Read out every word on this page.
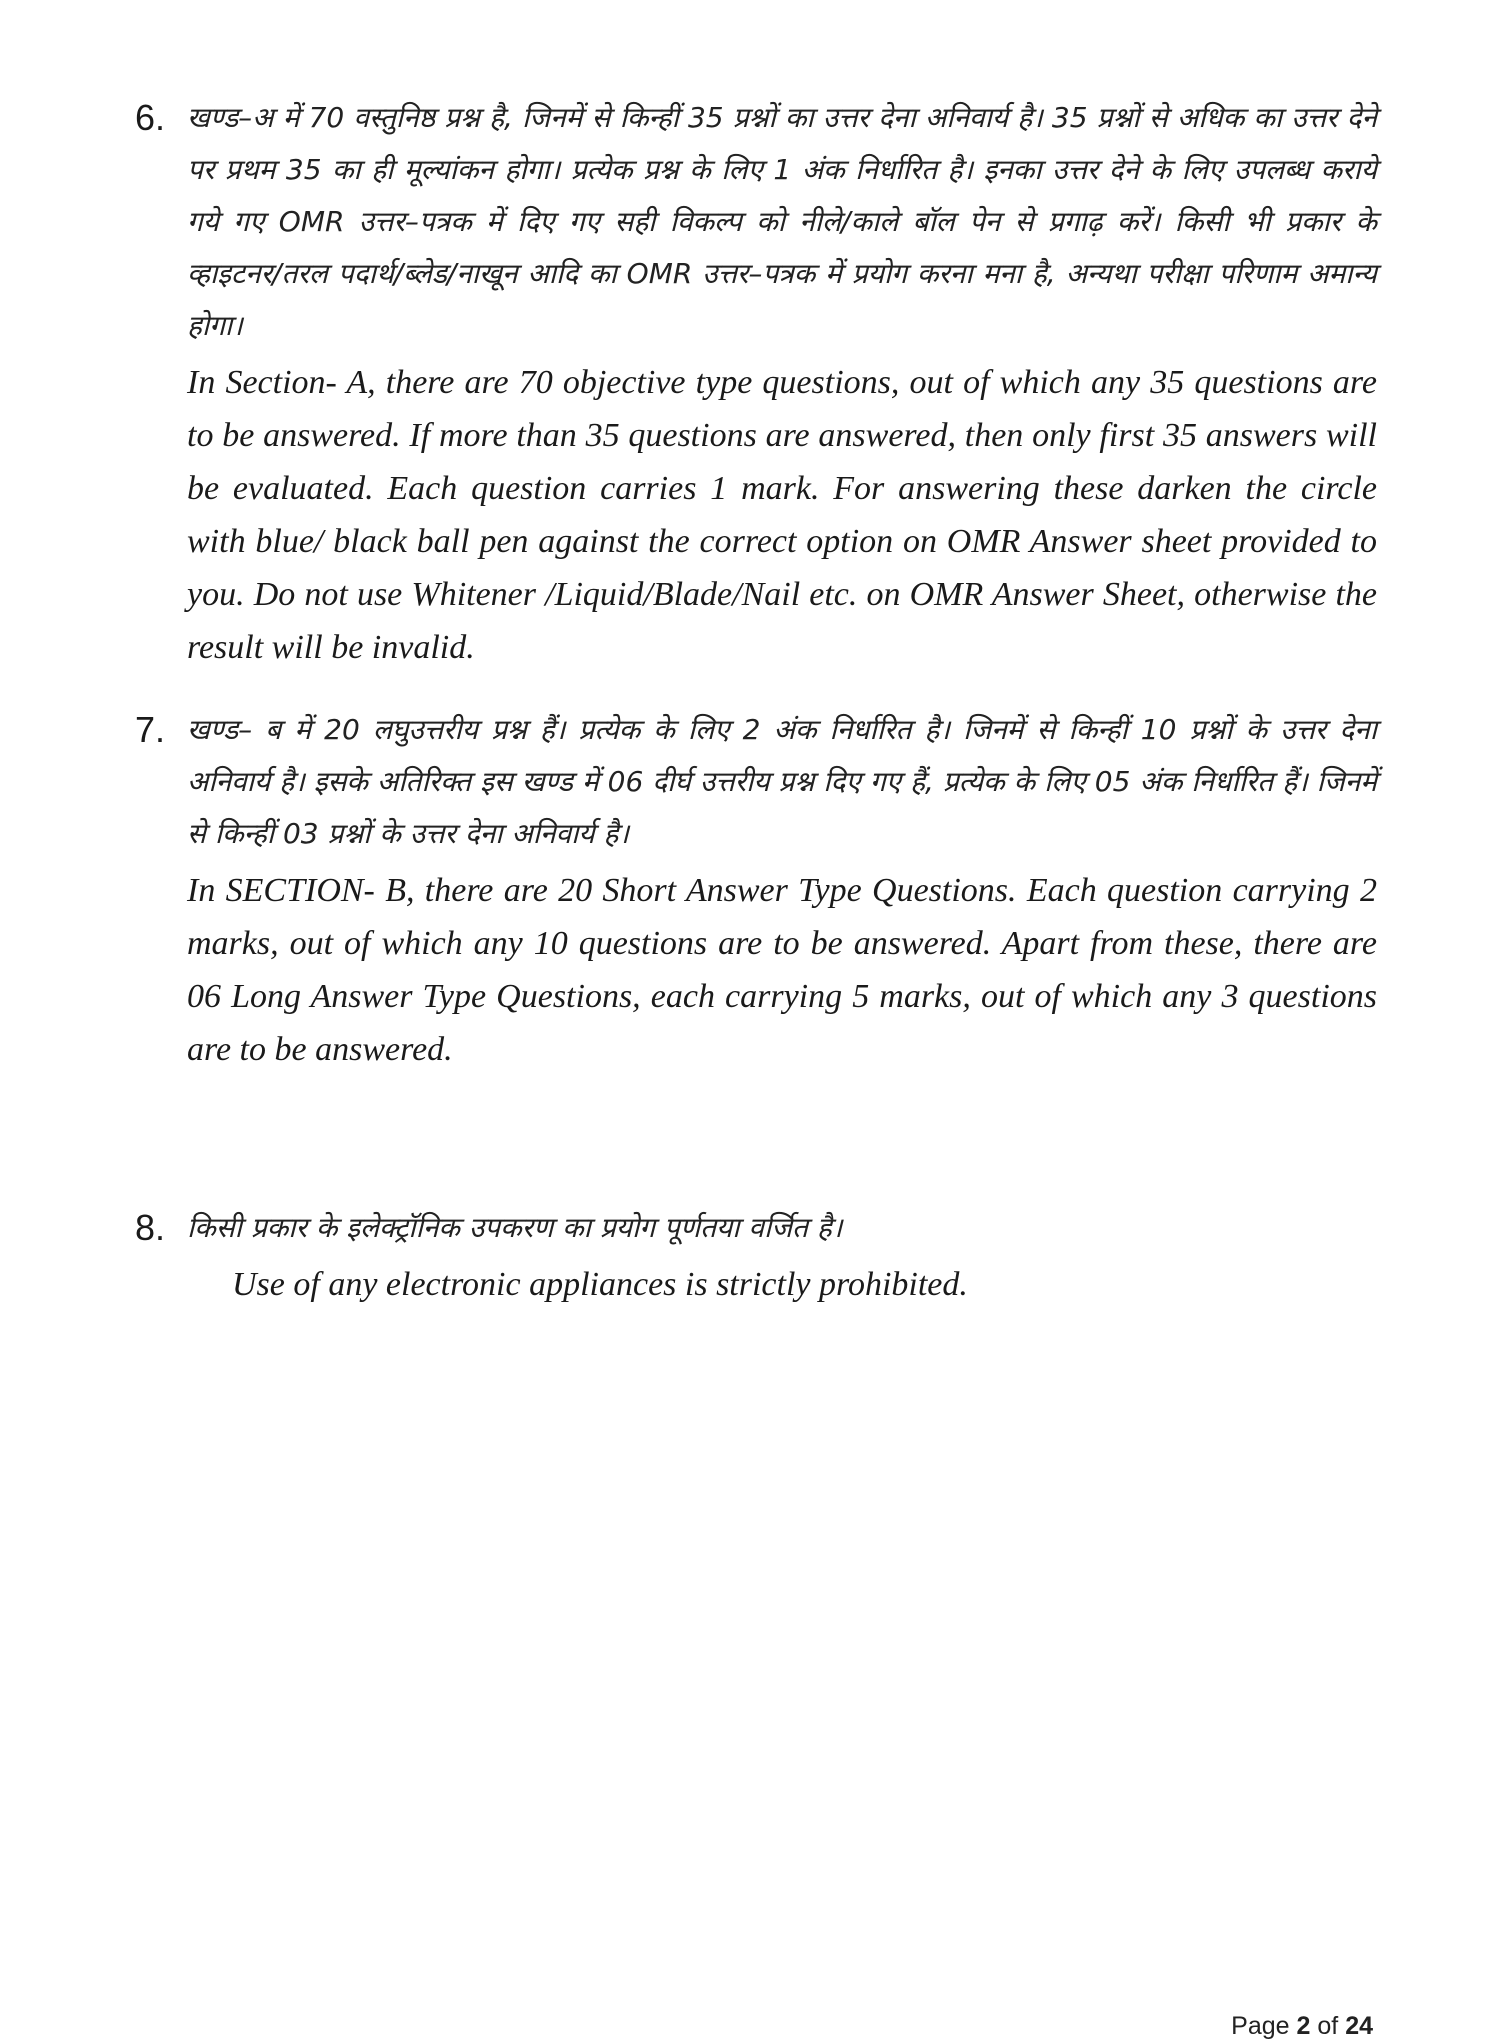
6. खण्ड–अ में 70 वस्तुनिष्ठ प्रश्न है, जिनमें से किन्हीं 35 प्रश्नों का उत्तर देना अनिवार्य है। 35 प्रश्नों से अधिक का उत्तर देने पर प्रथम 35 का ही मूल्यांकन होगा। प्रत्येक प्रश्न के लिए 1 अंक निर्धारित है। इनका उत्तर देने के लिए उपलब्ध कराये गये गए OMR उत्तर–पत्रक में दिए गए सही विकल्प को नीले/काले बॉल पेन से प्रगाढ़ करें। किसी भी प्रकार के व्हाइटनर/तरल पदार्थ/ब्लेड/नाखून आदि का OMR उत्तर–पत्रक में प्रयोग करना मना है, अन्यथा परीक्षा परिणाम अमान्य होगा।

In Section- A, there are 70 objective type questions, out of which any 35 questions are to be answered. If more than 35 questions are answered, then only first 35 answers will be evaluated. Each question carries 1 mark. For answering these darken the circle with blue/ black ball pen against the correct option on OMR Answer sheet provided to you. Do not use Whitener /Liquid/Blade/Nail etc. on OMR Answer Sheet, otherwise the result will be invalid.

7. खण्ड– ब में 20 लघुउत्तरीय प्रश्न हैं। प्रत्येक के लिए 2 अंक निर्धारित है। जिनमें से किन्हीं 10 प्रश्नों के उत्तर देना अनिवार्य है। इसके अतिरिक्त इस खण्ड में 06 दीर्घ उत्तरीय प्रश्न दिए गए हैं, प्रत्येक के लिए 05 अंक निर्धारित हैं। जिनमें से किन्हीं 03 प्रश्नों के उत्तर देना अनिवार्य है।

In SECTION- B, there are 20 Short Answer Type Questions. Each question carrying 2 marks, out of which any 10 questions are to be answered. Apart from these, there are 06 Long Answer Type Questions, each carrying 5 marks, out of which any 3 questions are to be answered.

8. किसी प्रकार के इलेक्ट्रॉनिक उपकरण का प्रयोग पूर्णतया वर्जित है।

Use of any electronic appliances is strictly prohibited.

Page 2 of 24
